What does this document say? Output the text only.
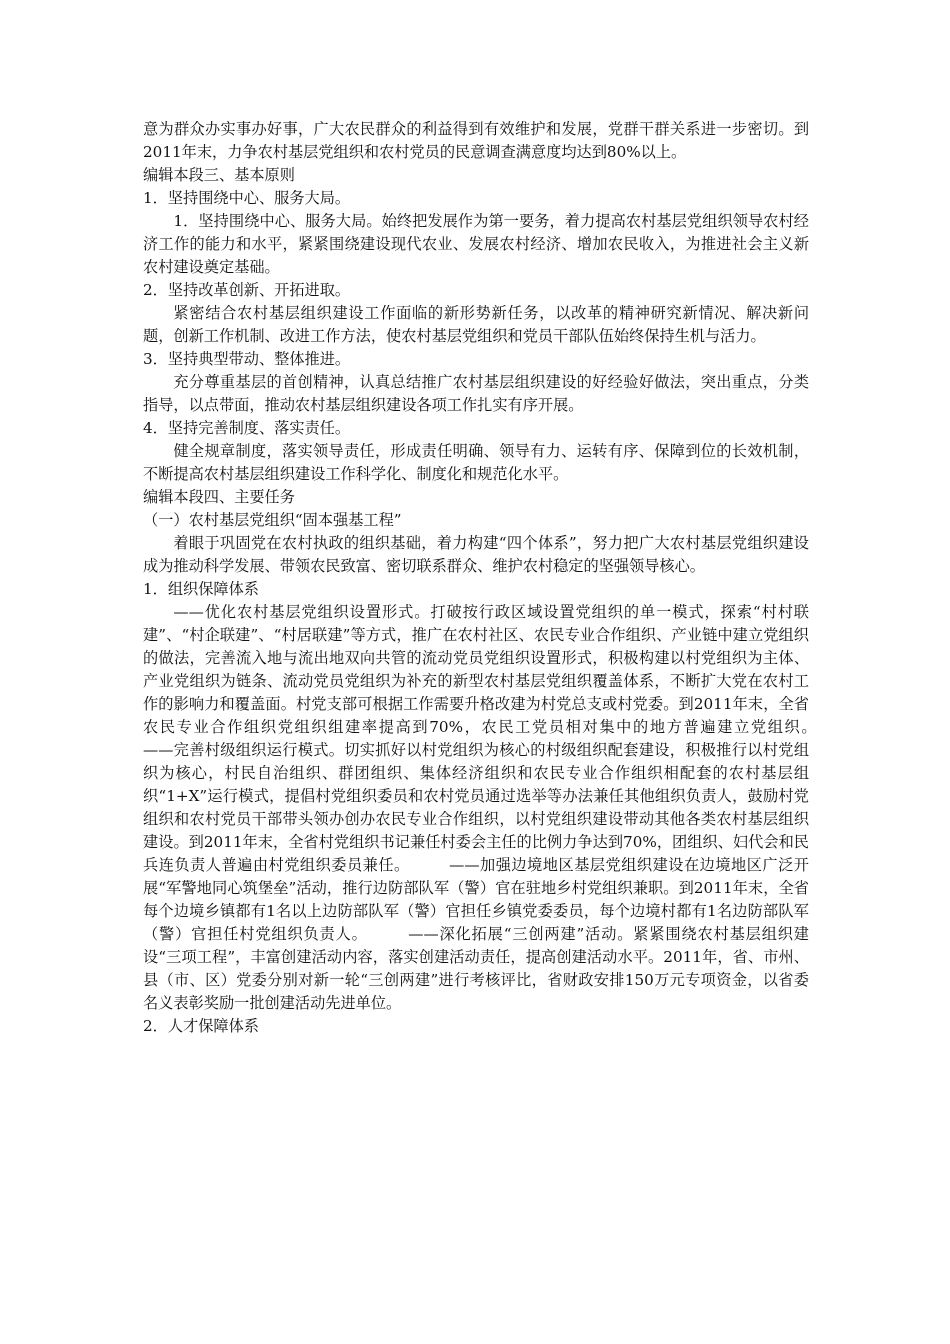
意为群众办实事办好事，广大农民群众的利益得到有效维护和发展，党群干群关系进一步密切。到2011年末，力争农村基层党组织和农村党员的民意调查满意度均达到80%以上。

编辑本段三、基本原则

1．坚持围绕中心、服务大局。

1．坚持围绕中心、服务大局。始终把发展作为第一要务，着力提高农村基层党组织领导农村经济工作的能力和水平，紧紧围绕建设现代农业、发展农村经济、增加农民收入，为推进社会主义新农村建设奠定基础。

2．坚持改革创新、开拓进取。

紧密结合农村基层组织建设工作面临的新形势新任务，以改革的精神研究新情况、解决新问题，创新工作机制、改进工作方法，使农村基层党组织和党员干部队伍始终保持生机与活力。

3．坚持典型带动、整体推进。

充分尊重基层的首创精神，认真总结推广农村基层组织建设的好经验好做法，突出重点，分类指导，以点带面，推动农村基层组织建设各项工作扎实有序开展。

4．坚持完善制度、落实责任。

健全规章制度，落实领导责任，形成责任明确、领导有力、运转有序、保障到位的长效机制，不断提高农村基层组织建设工作科学化、制度化和规范化水平。

编辑本段四、主要任务

（一）农村基层党组织“固本强基工程”

着眼于巩固党在农村执政的组织基础，着力构建“四个体系”，努力把广大农村基层党组织建设成为推动科学发展、带领农民致富、密切联系群众、维护农村稳定的坚强领导核心。

1．组织保障体系

——优化农村基层党组织设置形式。打破按行政区域设置党组织的单一模式，探索“村村联建”、“村企联建”、“村居联建”等方式，推广在农村社区、农民专业合作组织、产业链中建立党组织的做法，完善流入地与流出地双向共管的流动党员党组织设置形式，积极构建以村党组织为主体、产业党组织为链条、流动党员党组织为补充的新型农村基层党组织覆盖体系，不断扩大党在农村工作的影响力和覆盖面。村党支部可根据工作需要升格改建为村党总支或村党委。到2011年末，全省农民专业合作组织党组织组建率提高到70%，农民工党员相对集中的地方普遍建立党组织。　　　——完善村级组织运行模式。切实抓好以村党组织为核心的村级组织配套建设，积极推行以村党组织为核心，村民自治组织、群团组织、集体经济组织和农民专业合作组织相配套的农村基层组织“1+X”运行模式，提倡村党组织委员和农村党员通过选举等办法兼任其他组织负责人，鼓励村党组织和农村党员干部带头领办创办农民专业合作组织，以村党组织建设带动其他各类农村基层组织建设。到2011年末，全省村党组织书记兼任村委会主任的比例力争达到70%，团组织、妇代会和民兵连负责人普遍由村党组织委员兼任。　　　——加强边境地区基层党组织建设在边境地区广泛开展“军警地同心筑堡垒”活动，推行边防部队军（警）官在驻地乡村党组织兼职。到2011年末，全省每个边境乡镇都有1名以上边防部队军（警）官担任乡镇党委委员，每个边境村都有1名边防部队军（警）官担任村党组织负责人。　　　——深化拓展“三创两建”活动。紧紧围绕农村基层组织建设“三项工程”，丰富创建活动内容，落实创建活动责任，提高创建活动水平。2011年，省、市州、县（市、区）党委分别对新一轮“三创两建”进行考核评比，省财政安排150万元专项资金，以省委名义表彰奖励一批创建活动先进单位。

2．人才保障体系
